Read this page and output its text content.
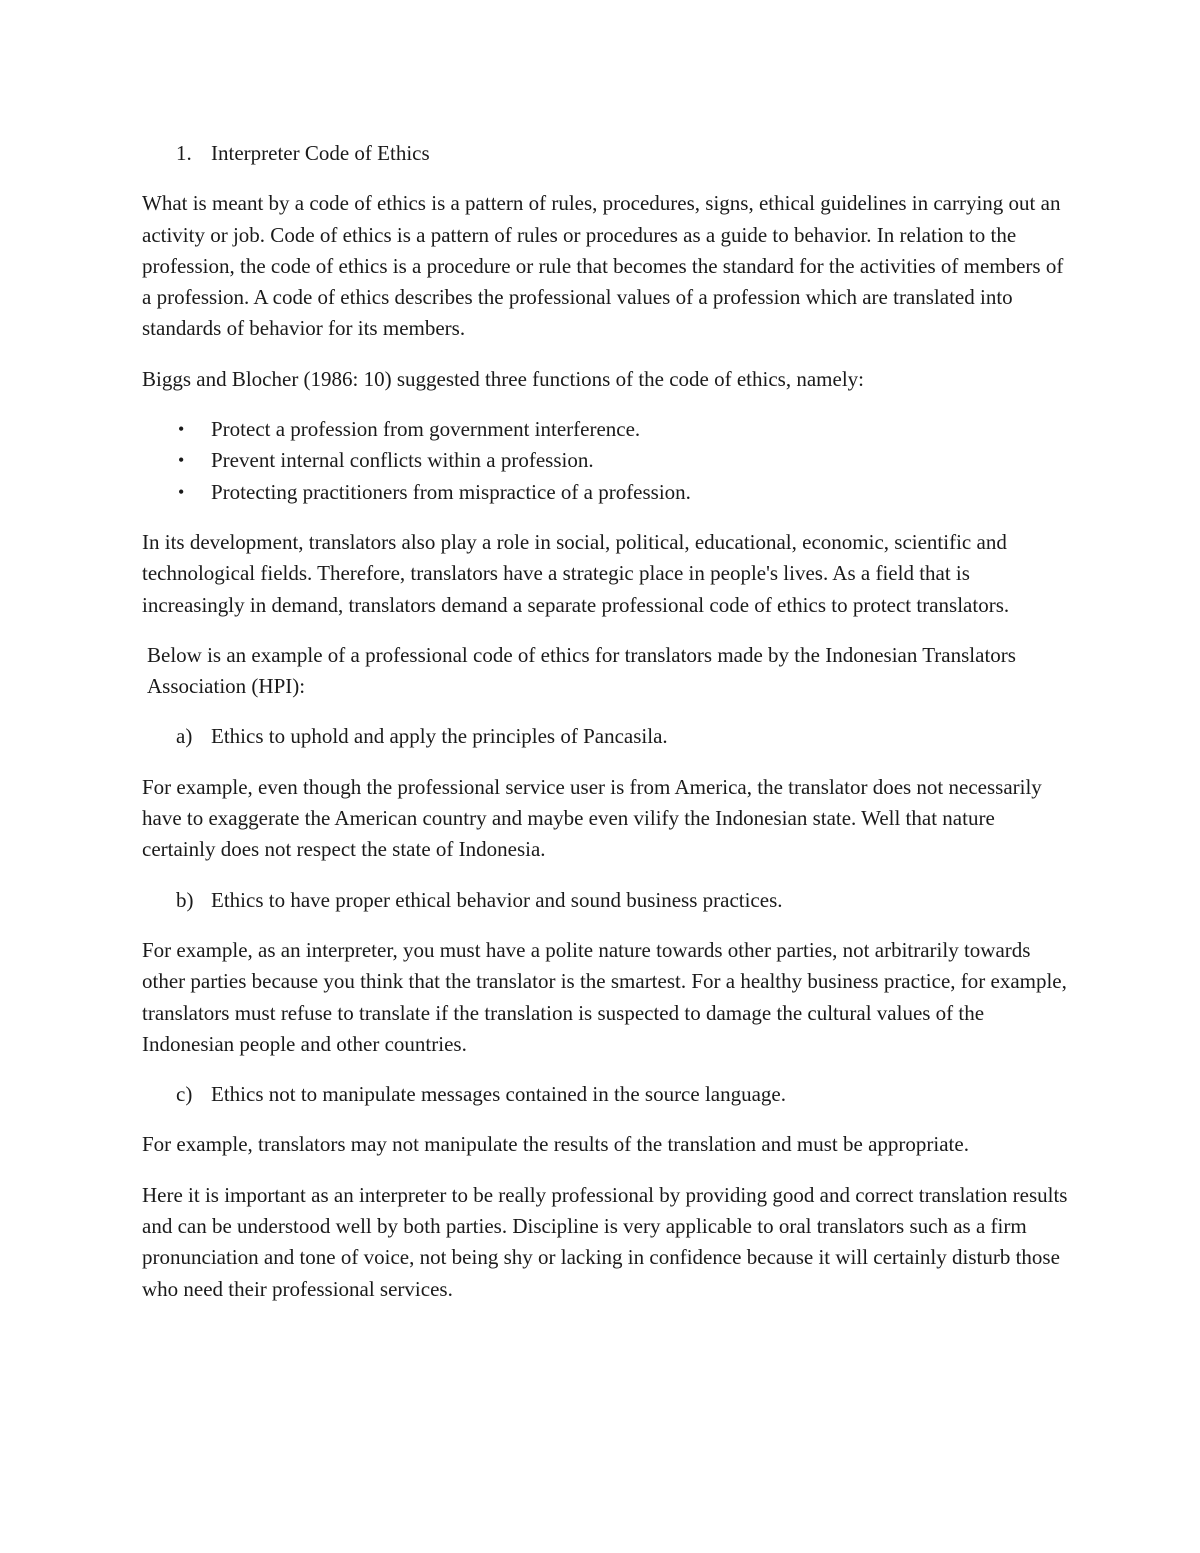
1. Interpreter Code of Ethics

What is meant by a code of ethics is a pattern of rules, procedures, signs, ethical guidelines in carrying out an activity or job. Code of ethics is a pattern of rules or procedures as a guide to behavior. In relation to the profession, the code of ethics is a procedure or rule that becomes the standard for the activities of members of a profession. A code of ethics describes the professional values of a profession which are translated into standards of behavior for its members.

Biggs and Blocher (1986: 10) suggested three functions of the code of ethics, namely:

• Protect a profession from government interference.
• Prevent internal conflicts within a profession.
• Protecting practitioners from mispractice of a profession.

In its development, translators also play a role in social, political, educational, economic, scientific and technological fields. Therefore, translators have a strategic place in people's lives. As a field that is increasingly in demand, translators demand a separate professional code of ethics to protect translators.

Below is an example of a professional code of ethics for translators made by the Indonesian Translators Association (HPI):

a) Ethics to uphold and apply the principles of Pancasila.

For example, even though the professional service user is from America, the translator does not necessarily have to exaggerate the American country and maybe even vilify the Indonesian state. Well that nature certainly does not respect the state of Indonesia.

b) Ethics to have proper ethical behavior and sound business practices.

For example, as an interpreter, you must have a polite nature towards other parties, not arbitrarily towards other parties because you think that the translator is the smartest. For a healthy business practice, for example, translators must refuse to translate if the translation is suspected to damage the cultural values of the Indonesian people and other countries.

c) Ethics not to manipulate messages contained in the source language.

For example, translators may not manipulate the results of the translation and must be appropriate.

Here it is important as an interpreter to be really professional by providing good and correct translation results and can be understood well by both parties. Discipline is very applicable to oral translators such as a firm pronunciation and tone of voice, not being shy or lacking in confidence because it will certainly disturb those who need their professional services.
